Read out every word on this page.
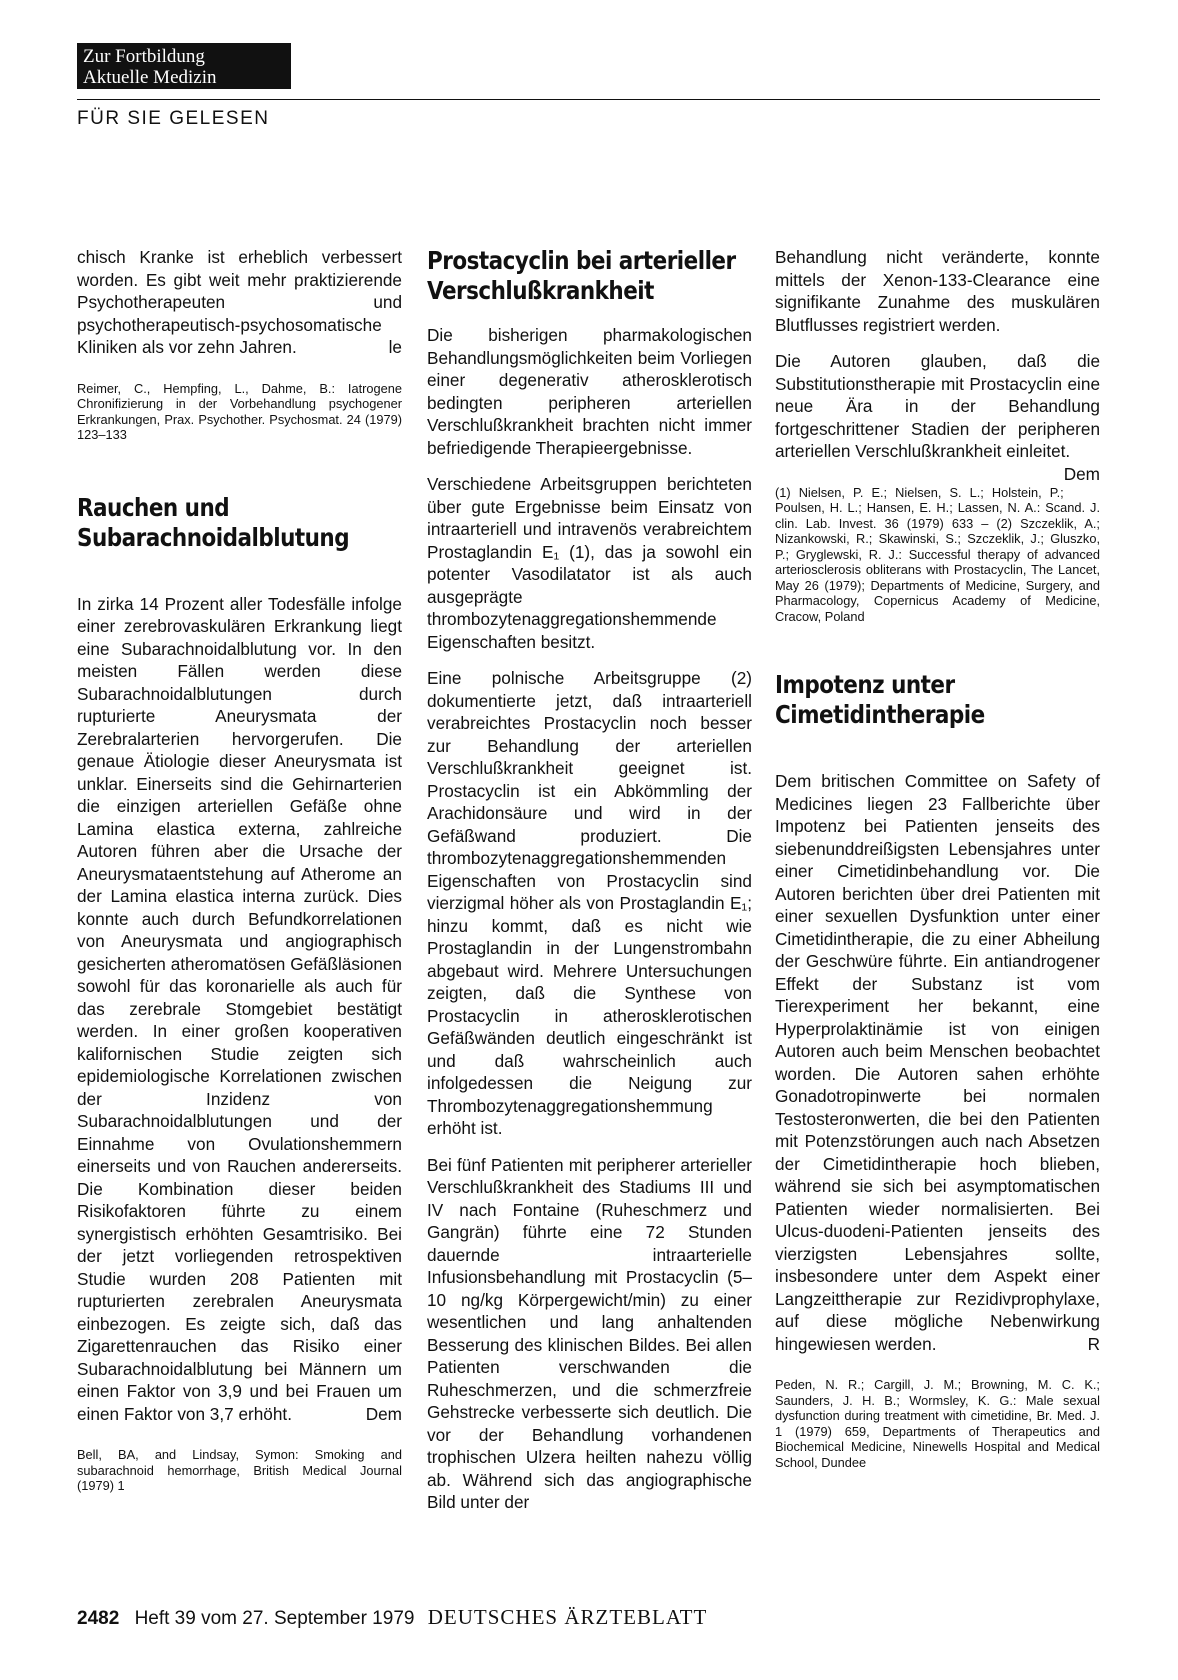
Zur Fortbildung
Aktuelle Medizin
FÜR SIE GELESEN

chisch Kranke ist erheblich verbessert worden. Es gibt weit mehr praktizierende Psychotherapeuten und psychotherapeutisch-psychosomatische Kliniken als vor zehn Jahren.	le

Reimer, C., Hempfing, L., Dahme, B.: Iatrogene Chronifizierung in der Vorbehandlung psychogener Erkrankungen, Prax. Psychother. Psychosmat. 24 (1979) 123–133

Rauchen und Subarachnoidalblutung

In zirka 14 Prozent aller Todesfälle infolge einer zerebrovaskulären Erkrankung liegt eine Subarachnoidalblutung vor. In den meisten Fällen werden diese Subarachnoidalblutungen durch rupturierte Aneurysmata der Zerebralarterien hervorgerufen. Die genaue Ätiologie dieser Aneurysmata ist unklar. Einerseits sind die Gehirnarterien die einzigen arteriellen Gefäße ohne Lamina elastica externa, zahlreiche Autoren führen aber die Ursache der Aneurysmataentstehung auf Atherome an der Lamina elastica interna zurück. Dies konnte auch durch Befundkorrelationen von Aneurysmata und angiographisch gesicherten atheromatösen Gefäßläsionen sowohl für das koronarielle als auch für das zerebrale Stomgebiet bestätigt werden. In einer großen kooperativen kalifornischen Studie zeigten sich epidemiologische Korrelationen zwischen der Inzidenz von Subarachnoidalblutungen und der Einnahme von Ovulationshemmern einerseits und von Rauchen andererseits. Die Kombination dieser beiden Risikofaktoren führte zu einem synergistisch erhöhten Gesamtrisiko. Bei der jetzt vorliegenden retrospektiven Studie wurden 208 Patienten mit rupturierten zerebralen Aneurysmata einbezogen. Es zeigte sich, daß das Zigarettenrauchen das Risiko einer Subarachnoidalblutung bei Männern um einen Faktor von 3,9 und bei Frauen um einen Faktor von 3,7 erhöht.	Dem

Bell, BA, and Lindsay, Symon: Smoking and subarachnoid hemorrhage, British Medical Journal (1979) 1

Prostacyclin bei arterieller Verschlußkrankheit

Die bisherigen pharmakologischen Behandlungsmöglichkeiten beim Vorliegen einer degenerativ atherosklerotisch bedingten peripheren arteriellen Verschlußkrankheit brachten nicht immer befriedigende Therapieergebnisse.

Verschiedene Arbeitsgruppen berichteten über gute Ergebnisse beim Einsatz von intraarteriell und intravenös verabreichtem Prostaglandin E₁ (1), das ja sowohl ein potenter Vasodilatator ist als auch ausgeprägte thrombozytenaggregationshemmende Eigenschaften besitzt.

Eine polnische Arbeitsgruppe (2) dokumentierte jetzt, daß intraarteriell verabreichtes Prostacyclin noch besser zur Behandlung der arteriellen Verschlußkrankheit geeignet ist. Prostacyclin ist ein Abkömmling der Arachidonsäure und wird in der Gefäßwand produziert. Die thrombozytenaggregationshemmenden Eigenschaften von Prostacyclin sind vierzigmal höher als von Prostaglandin E₁; hinzu kommt, daß es nicht wie Prostaglandin in der Lungenstrombahn abgebaut wird. Mehrere Untersuchungen zeigten, daß die Synthese von Prostacyclin in atherosklerotischen Gefäßwänden deutlich eingeschränkt ist und daß wahrscheinlich auch infolgedessen die Neigung zur Thrombozytenaggregationshemmung erhöht ist.

Bei fünf Patienten mit peripherer arterieller Verschlußkrankheit des Stadiums III und IV nach Fontaine (Ruheschmerz und Gangrän) führte eine 72 Stunden dauernde intraarterielle Infusionsbehandlung mit Prostacyclin (5–10 ng/kg Körpergewicht/min) zu einer wesentlichen und lang anhaltenden Besserung des klinischen Bildes. Bei allen Patienten verschwanden die Ruheschmerzen, und die schmerzfreie Gehstrecke verbesserte sich deutlich. Die vor der Behandlung vorhandenen trophischen Ulzera heilten nahezu völlig ab. Während sich das angiographische Bild unter der

Behandlung nicht veränderte, konnte mittels der Xenon-133-Clearance eine signifikante Zunahme des muskulären Blutflusses registriert werden.

Die Autoren glauben, daß die Substitutionstherapie mit Prostacyclin eine neue Ära in der Behandlung fortgeschrittener Stadien der peripheren arteriellen Verschlußkrankheit einleitet.
Dem

(1) Nielsen, P. E.; Nielsen, S. L.; Holstein, P.; Poulsen, H. L.; Hansen, E. H.; Lassen, N. A.: Scand. J. clin. Lab. Invest. 36 (1979) 633 – (2) Szczeklik, A.; Nizankowski, R.; Skawinski, S.; Szczeklik, J.; Gluszko, P.; Gryglewski, R. J.: Successful therapy of advanced arteriosclerosis obliterans with Prostacyclin, The Lancet, May 26 (1979); Departments of Medicine, Surgery, and Pharmacology, Copernicus Academy of Medicine, Cracow, Poland

Impotenz unter Cimetidintherapie

Dem britischen Committee on Safety of Medicines liegen 23 Fallberichte über Impotenz bei Patienten jenseits des siebenunddreißigsten Lebensjahres unter einer Cimetidinbehandlung vor. Die Autoren berichten über drei Patienten mit einer sexuellen Dysfunktion unter einer Cimetidintherapie, die zu einer Abheilung der Geschwüre führte. Ein antiandrogener Effekt der Substanz ist vom Tierexperiment her bekannt, eine Hyperprolaktinämie ist von einigen Autoren auch beim Menschen beobachtet worden. Die Autoren sahen erhöhte Gonadotropinwerte bei normalen Testosteronwerten, die bei den Patienten mit Potenzstörungen auch nach Absetzen der Cimetidintherapie hoch blieben, während sie sich bei asymptomatischen Patienten wieder normalisierten. Bei Ulcus-duodeni-Patienten jenseits des vierzigsten Lebensjahres sollte, insbesondere unter dem Aspekt einer Langzeittherapie zur Rezidivprophylaxe, auf diese mögliche Nebenwirkung hingewiesen werden.	R

Peden, N. R.; Cargill, J. M.; Browning, M. C. K.; Saunders, J. H. B.; Wormsley, K. G.: Male sexual dysfunction during treatment with cimetidine, Br. Med. J. 1 (1979) 659, Departments of Therapeutics and Biochemical Medicine, Ninewells Hospital and Medical School, Dundee

2482 Heft 39 vom 27. September 1979 DEUTSCHES ÄRZTEBLATT
